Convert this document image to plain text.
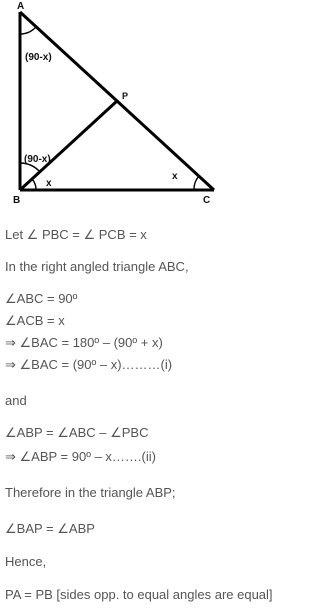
A
B	C
P
(90-x)
(90-x)
x
x
Let ∠ PBC = ∠ PCB = x
In the right angled triangle ABC,
∠ABC = 90º
∠ACB = x
⇒ ∠BAC = 180º – (90º + x)
⇒ ∠BAC = (90º – x)………(i)
and
∠ABP = ∠ABC – ∠PBC
⇒ ∠ABP = 90º – x…….(ii)
Therefore in the triangle ABP;
∠BAP = ∠ABP
Hence,
PA = PB [sides opp. to equal angles are equal]
